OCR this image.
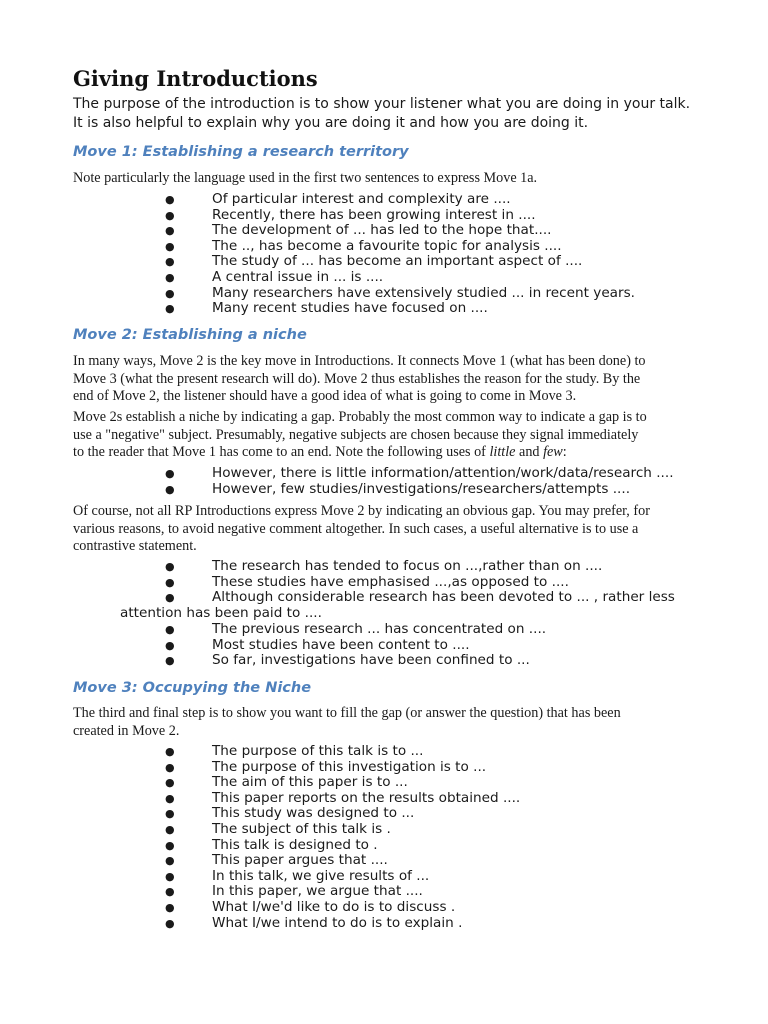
Giving Introductions
The purpose of the introduction is to show your listener what you are doing in your talk.
It is also helpful to explain why you are doing it and how you are doing it.
Move 1: Establishing a research territory
Note particularly the language used in the first two sentences to express Move 1a.
●	Of particular interest and complexity are ....
●	Recently, there has been growing interest in ....
●	The development of ... has led to the hope that....
●	The .., has become a favourite topic for analysis ....
●	The study of ... has become an important aspect of ....
●	A central issue in ... is ....
●	Many researchers have extensively studied ... in recent years.
●	Many recent studies have focused on ....
Move 2: Establishing a niche
In many ways, Move 2 is the key move in Introductions. It connects Move 1 (what has been done) to
Move 3 (what the present research will do). Move 2 thus establishes the reason for the study. By the
end of Move 2, the listener should have a good idea of what is going to come in Move 3.
Move 2s establish a niche by indicating a gap. Probably the most common way to indicate a gap is to
use a "negative" subject. Presumably, negative subjects are chosen because they signal immediately
to the reader that Move 1 has come to an end. Note the following uses of little and few:
●	However, there is little information/attention/work/data/research ....
●	However, few studies/investigations/researchers/attempts ....
Of course, not all RP Introductions express Move 2 by indicating an obvious gap. You may prefer, for
various reasons, to avoid negative comment altogether. In such cases, a useful alternative is to use a
contrastive statement.
●	The research has tended to focus on ...,rather than on ....
●	These studies have emphasised ...,as opposed to ....
●	Although considerable research has been devoted to ... , rather less
attention has been paid to ....
●	The previous research ... has concentrated on ....
●	Most studies have been content to ....
●	So far, investigations have been confined to ...
Move 3: Occupying the Niche
The third and final step is to show you want to fill the gap (or answer the question) that has been
created in Move 2.
●	The purpose of this talk is to ...
●	The purpose of this investigation is to ...
●	The aim of this paper is to ...
●	This paper reports on the results obtained ....
●	This study was designed to ...
●	The subject of this talk is .
●	This talk is designed to .
●	This paper argues that ....
●	In this talk, we give results of ...
●	In this paper, we argue that ....
●	What I/we'd like to do is to discuss .
●	What I/we intend to do is to explain .
